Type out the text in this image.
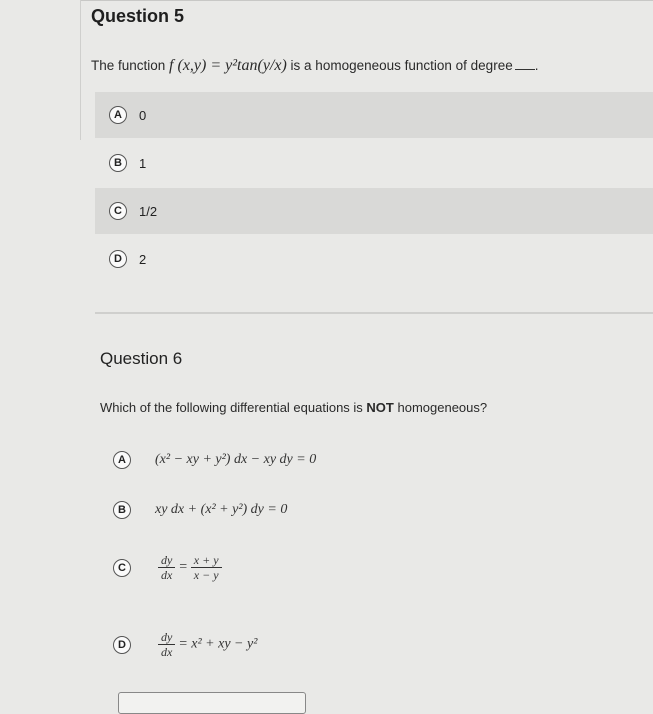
Question 5
The function f (x,y) = y²tan(y/x) is a homogeneous function of degree .
A	0
B	1
C	1/2
D	2
Question 6
Which of the following differential equations is NOT homogeneous?
A	(x² − xy + y²) dx − xy dy = 0
B	xy dx + (x² + y²) dy = 0
C	$\frac{dy}{dx} = \frac{x + y}{x - y}$
D	$\frac{dy}{dx} = x^2$ + xy − y²
